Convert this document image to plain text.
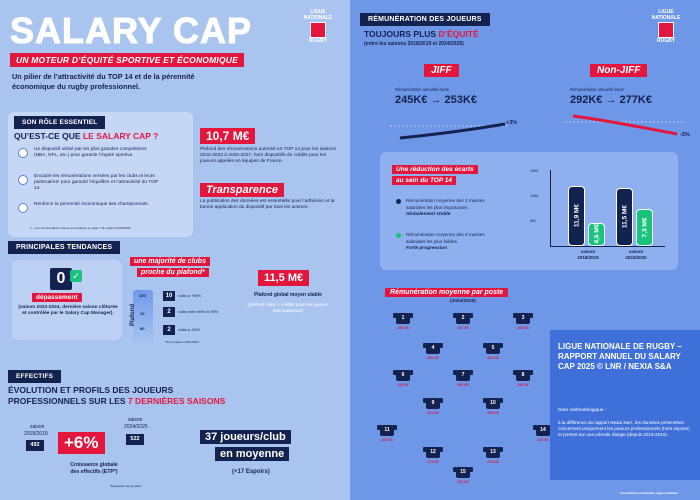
SALARY CAP	LIGUE
NATIONALE
RUGBY
UN MOTEUR D’ÉQUITÉ SPORTIVE ET ÉCONOMIQUE
Un pilier de l’attractivité du TOP 14 et de la pérennité
économique du rugby professionnel.
SON RÔLE ESSENTIEL
QU’EST-CE QUE LE SALARY CAP ?
Un dispositif utilisé par les plus grandes compétitions (NBA, NFL, etc.) pour garantir l’équité sportive.
Encadre les rémunérations versées par les clubs et leurs partenaires¹ pour garantir l’équilibre et l’attractivité du TOP 14.
Renforce la pérennité économique des championnats.
1 – Les rémunérations visées sont définies en page 7 du rapport 2024/2025
10,7 M€
Plafond des rémunérations autorisé en TOP 14 pour les saisons 2022-2023 à 2026-2027, hors dispositifs de crédits pour les joueurs appelés en équipes de France.
Transparence
La publication des données est essentielle pour l’adhésion et la bonne application du dispositif par tous les acteurs.
PRINCIPALES TENDANCES
0 ✓
dépassement
(saison 2023-2024, dernière saison clôturée et contrôlée par le Salary Cap Manager).
une majorité de clubs
proche du plafond*
Plafond
100
10
80
10	clubs à +95%
2	clubs entre 80% et 95%
2	clubs à -80%
*Sur la saison 2023-2024
11,5 M€
Plafond global moyen stable
(plafond initial + crédits pour les joueurs internationaux)
EFFECTIFS
ÉVOLUTION ET PROFILS DES JOUEURS
PROFESSIONNELS SUR LES 7 DERNIÈRES SAISONS
saison
2018/2019
492	+6%
saison
2024/2025
522
Croissance globale
des effectifs (ETP*)
*Equivalent temps plein
37 joueurs/club
en moyenne
(+17 Espoirs)
RÉMUNÉRATION DES JOUEURS
TOUJOURS PLUS D’ÉQUITÉ
(entre les saisons 2018/2019 et 2024/2025)
LIGUE
NATIONALE
RUGBY
JIFF
Rémunération annuelle brute
245K€ → 253K€
+3%
Non-JIFF
Rémunération annuelle brute
292K€ → 277K€
-5%
Une réduction des écarts
au sein du TOP 14
Rémunération moyenne des 3 masses
salariales les plus importantes.
Globalement stable
Rémunération moyenne des 3 masses
salariales les plus faibles.
Forte progression
15M
10M
5M	11,9 M€
4,6 M€
11,5 M€ 7,3 M€
saison
2018/2019
saison
2024/2025
Rémunération moyenne par poste
(2024/2025)
1
245 K€
2
247 K€
3
268 K€
4
293 K€
5
302 K€
6
242 K€
7
269 K€
8
296 K€
9
261 K€
10
341 K€
11
223 K€
14
223 K€
12
274 K€
13
278 K€
15
231 K€
LIGUE NATIONALE DE RUGBY – RAPPORT ANNUEL DU SALARY CAP 2025 © LNR / NEXIA S&A
Note méthodologique :
à la différence du rapport Nexia S&A, les données présentées concernent uniquement les joueurs professionnels (hors espoirs) et portent sur une période élargie (depuis 2018-2019).
Conception & réalisation agence Bailleul
